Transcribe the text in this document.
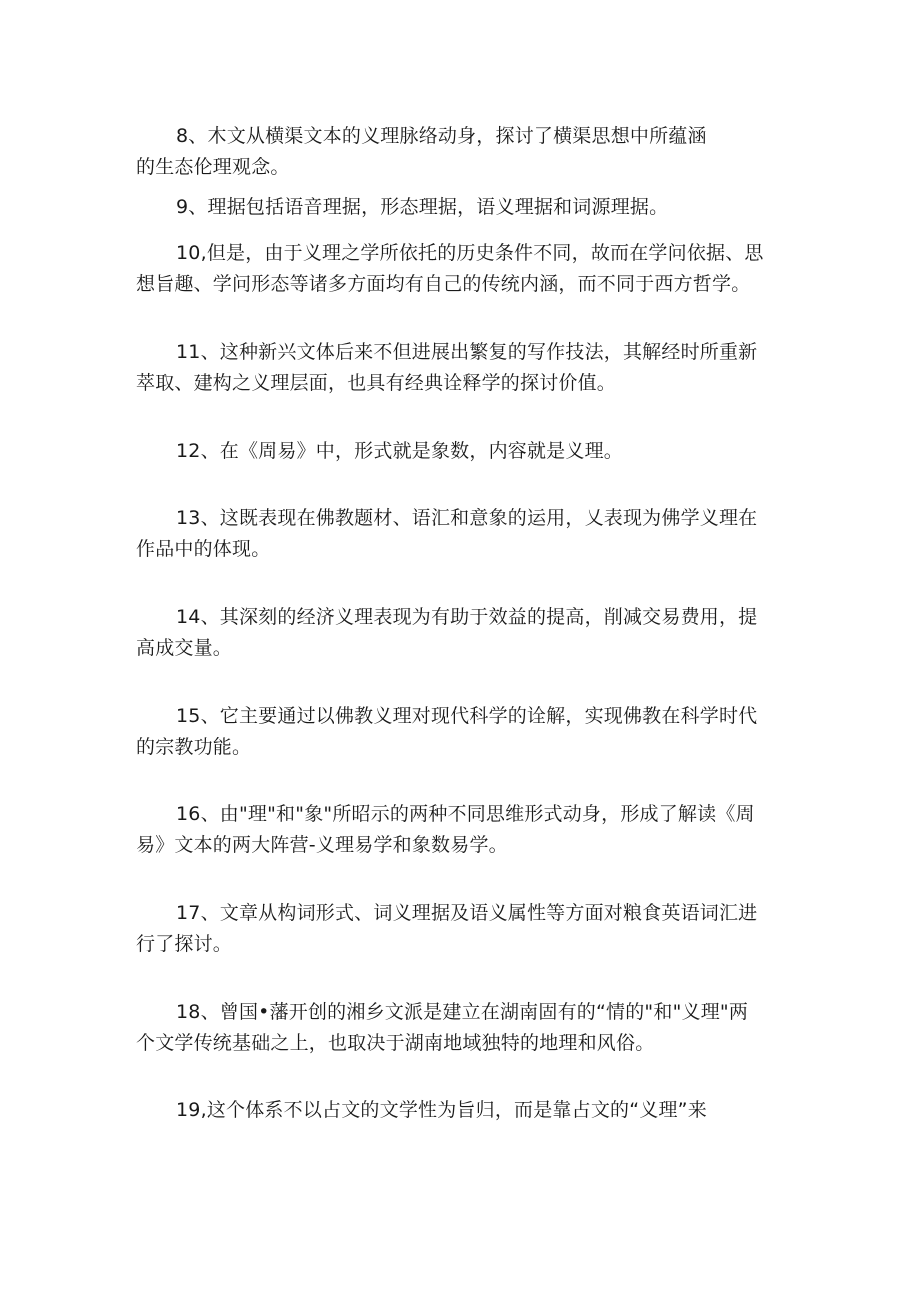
8、木文从横渠文本的义理脉络动身，探讨了横渠思想中所蕴涵
的生态伦理观念。

9、理据包括语音理据，形态理据，语义理据和词源理据。

10,但是，由于义理之学所依托的历史条件不同，故而在学问依据、思
想旨趣、学问形态等诸多方面均有自己的传统内涵，而不同于西方哲学。

11、这种新兴文体后来不但进展出繁复的写作技法，其解经时所重新
萃取、建构之义理层面，也具有经典诠释学的探讨价值。

12、在《周易》中，形式就是象数，内容就是义理。

13、这既表现在佛教题材、语汇和意象的运用，乂表现为佛学义理在
作品中的体现。

14、其深刻的经济义理表现为有助于效益的提高，削减交易费用，提
高成交量。

15、它主要通过以佛教义理对现代科学的诠解，实现佛教在科学时代
的宗教功能。

16、由"理"和"象"所昭示的两种不同思维形式动身，形成了解读《周
易》文本的两大阵营-义理易学和象数易学。

17、文章从构词形式、词义理据及语义属性等方面对粮食英语词汇进
行了探讨。

18、曾国•藩开创的湘乡文派是建立在湖南固有的“情的"和"义理"两
个文学传统基础之上，也取决于湖南地域独特的地理和风俗。

19,这个体系不以占文的文学性为旨归，而是靠占文的“义理”来
